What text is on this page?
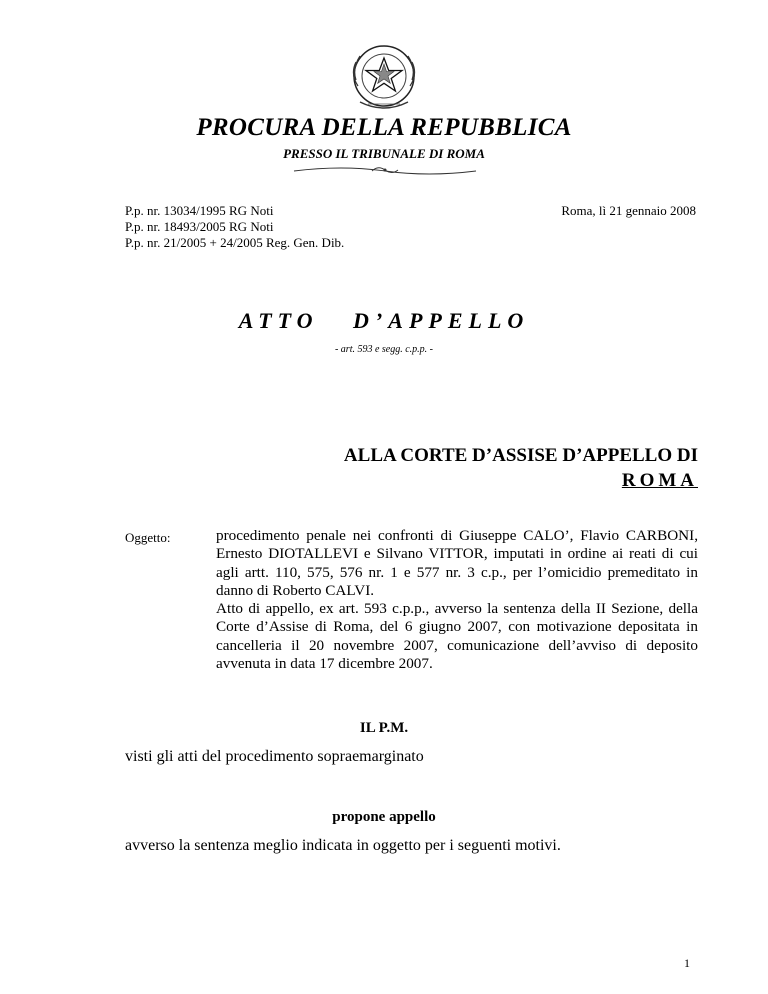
PROCURA DELLA REPUBBLICA
PRESSO IL TRIBUNALE DI ROMA
P.p. nr. 13034/1995 RG Noti
P.p. nr. 18493/2005 RG Noti
P.p. nr. 21/2005 + 24/2005 Reg. Gen. Dib.
Roma, lì 21 gennaio 2008
ATTO   D’APPELLO
- art. 593 e segg. c.p.p. -
ALLA CORTE D’ASSISE D’APPELLO DI
ROMA
Oggetto:	procedimento penale nei confronti di Giuseppe CALO’, Flavio CARBONI, Ernesto DIOTALLEVI e Silvano VITTOR, imputati in ordine ai reati di cui agli artt. 110, 575, 576 nr. 1 e 577 nr. 3 c.p., per l’omicidio premeditato in danno di Roberto CALVI.

Atto di appello, ex art. 593 c.p.p., avverso la sentenza della II Sezione, della Corte d’Assise di Roma, del 6 giugno 2007, con motivazione depositata in cancelleria il 20 novembre 2007, comunicazione dell’avviso di deposito avvenuta in data 17 dicembre 2007.

IL P.M.
visti gli atti del procedimento sopraemarginato
propone appello
avverso la sentenza meglio indicata in oggetto per i seguenti motivi.
1
